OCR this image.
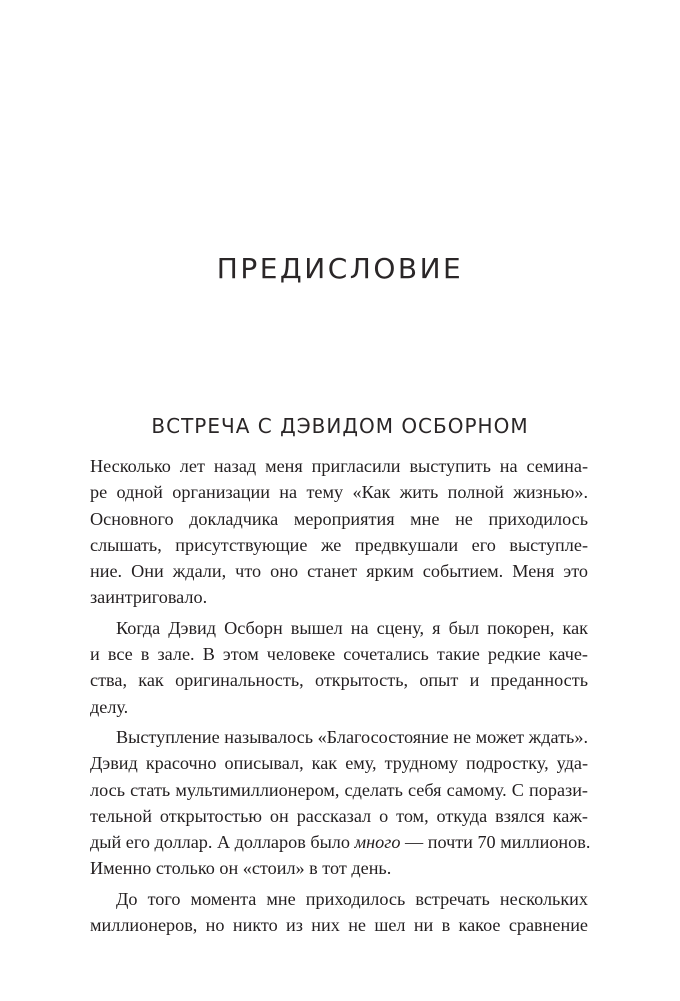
ПРЕДИСЛОВИЕ
ВСТРЕЧА С ДЭВИДОМ ОСБОРНОМ
Несколько лет назад меня пригласили выступить на семина-
ре одной организации на тему «Как жить полной жизнью».
Основного докладчика мероприятия мне не приходилось
слышать, присутствующие же предвкушали его выступле-
ние. Они ждали, что оно станет ярким событием. Меня это
заинтриговало.
Когда Дэвид Осборн вышел на сцену, я был покорен, как
и все в зале. В этом человеке сочетались такие редкие каче-
ства, как оригинальность, открытость, опыт и преданность
делу.
Выступление называлось «Благосостояние не может ждать».
Дэвид красочно описывал, как ему, трудному подростку, уда-
лось стать мультимиллионером, сделать себя самому. С порази-
тельной открытостью он рассказал о том, откуда взялся каж-
дый его доллар. А долларов было много — почти 70 миллионов.
Именно столько он «стоил» в тот день.
До того момента мне приходилось встречать нескольких
миллионеров, но никто из них не шел ни в какое сравнение
